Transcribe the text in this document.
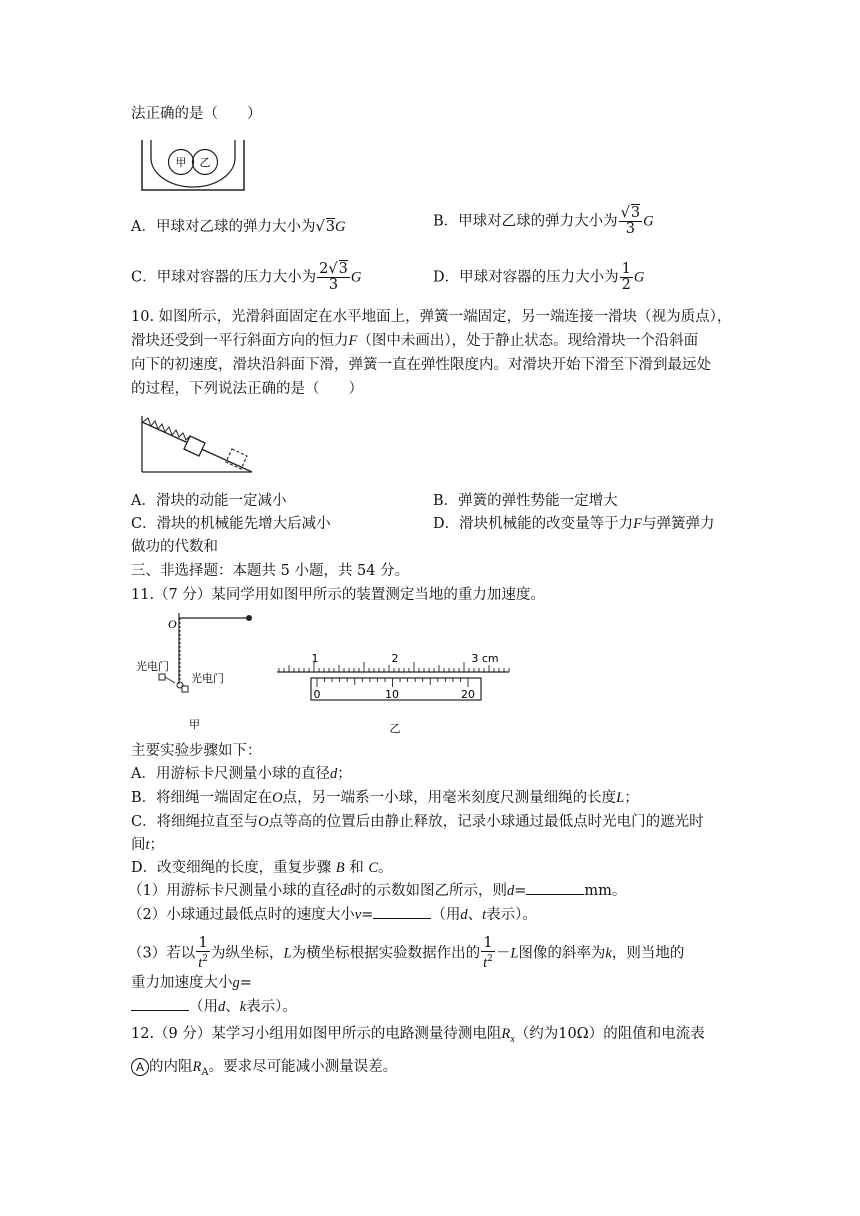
法正确的是（　　）
甲 乙
A．甲球对乙球的弹力大小为√3G	B．甲球对乙球的弹力大小为 $\frac{√3}{3}$ G
C．甲球对容器的压力大小为 $\frac{2√3}{3}$ G	D．甲球对容器的压力大小为 $\frac{1}{2}$ G
10. 如图所示，光滑斜面固定在水平地面上，弹簧一端固定，另一端连接一滑块（视为质点），
滑块还受到一平行斜面方向的恒力F（图中未画出），处于静止状态。现给滑块一个沿斜面
向下的初速度，滑块沿斜面下滑，弹簧一直在弹性限度内。对滑块开始下滑至下滑到最远处
的过程，下列说法正确的是（　　）
A．滑块的动能一定减小	B．弹簧的弹性势能一定增大
C．滑块的机械能先增大后减小	D．滑块机械能的改变量等于力F与弹簧弹力
做功的代数和
三、非选择题：本题共 5 小题，共 54 分。
11.（7 分）某同学用如图甲所示的装置测定当地的重力加速度。
O
光电门
光电门
甲
1	2	3 cm
0	10	20
乙
主要实验步骤如下：
A．用游标卡尺测量小球的直径d；
B．将细绳一端固定在O点，另一端系一小球，用毫米刻度尺测量细绳的长度L；
C．将细绳拉直至与O点等高的位置后由静止释放，记录小球通过最低点时光电门的遮光时
间t；
D．改变细绳的长度，重复步骤 B 和 C。
（1）用游标卡尺测量小球的直径d时的示数如图乙所示，则d=	mm。
（2）小球通过最低点时的速度大小v=	（用d、t表示）。
（3）若以 $\frac{1}{t^2}$ 为纵坐标，L为横坐标根据实验数据作出的 $\frac{1}{t^2} -L$图像的斜率为k，则当地的
重力加速度大小g=
（用d、k表示）。
12.（9 分）某学习小组用如图甲所示的电路测量待测电阻$R_x$（约为10Ω）的阻值和电流表
A 的内阻$R_A$。要求尽可能减小测量误差。
